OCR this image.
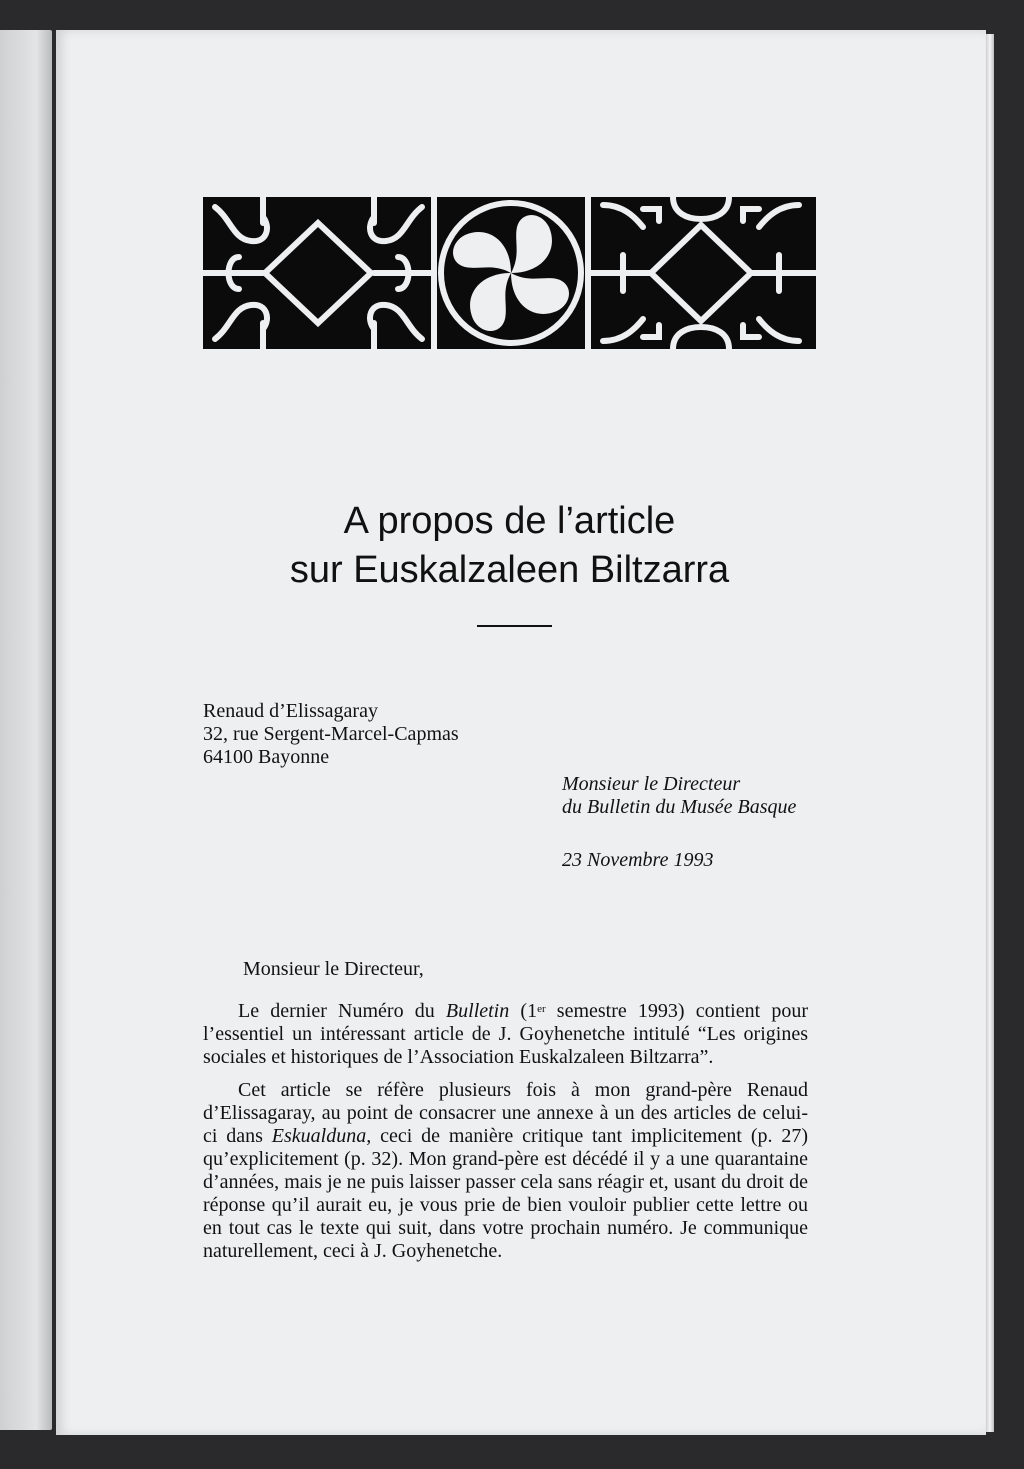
A propos de l’article
sur Euskalzaleen Biltzarra
Renaud d’Elissagaray
32, rue Sergent-Marcel-Capmas
64100 Bayonne
Monsieur le Directeur
du Bulletin du Musée Basque
23 Novembre 1993
Monsieur le Directeur,

Le dernier Numéro du Bulletin (1er semestre 1993) contient pour l’essentiel un intéressant article de J. Goyhenetche intitulé “Les origines sociales et historiques de l’Association Euskalzaleen Biltzarra”.

Cet article se réfère plusieurs fois à mon grand-père Renaud d’Elissagaray, au point de consacrer une annexe à un des articles de celui-ci dans Eskualduna, ceci de manière critique tant implicitement (p. 27) qu’explicitement (p. 32). Mon grand-père est décédé il y a une quarantaine d’années, mais je ne puis laisser passer cela sans réagir et, usant du droit de réponse qu’il aurait eu, je vous prie de bien vouloir publier cette lettre ou en tout cas le texte qui suit, dans votre prochain numéro. Je communique naturellement, ceci à J. Goyhenetche.
